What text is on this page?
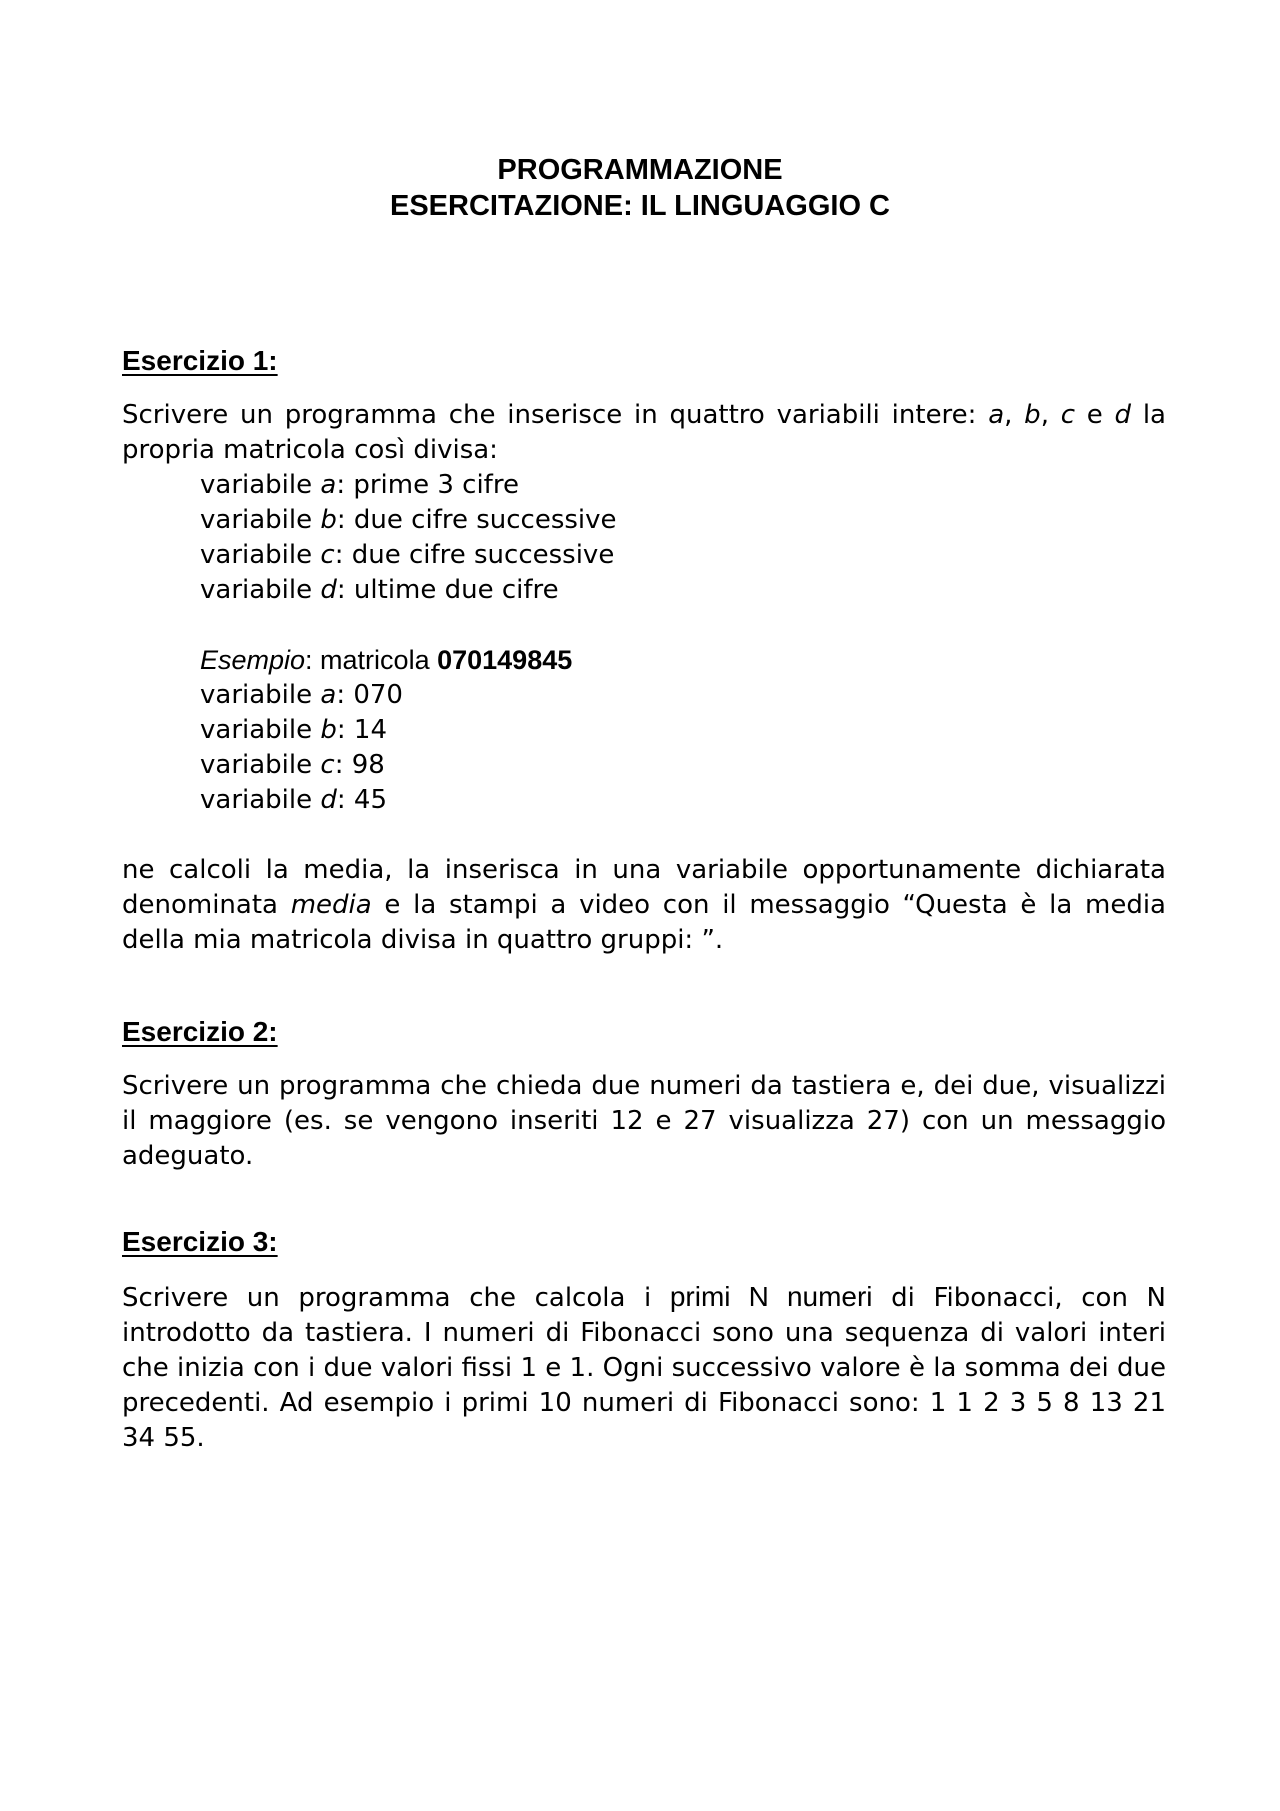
PROGRAMMAZIONE
ESERCITAZIONE: IL LINGUAGGIO C
Esercizio 1:

Scrivere un programma che inserisce in quattro variabili intere: a, b, c e d la propria matricola così divisa:

variabile a: prime 3 cifre
variabile b: due cifre successive
variabile c: due cifre successive
variabile d: ultime due cifre
Esempio: matricola 070149845
variabile a: 070
variabile b: 14
variabile c: 98
variabile d: 45

ne calcoli la media, la inserisca in una variabile opportunamente dichiarata denominata media e la stampi a video con il messaggio “Questa è la media della mia matricola divisa in quattro gruppi: ”.

Esercizio 2:

Scrivere un programma che chieda due numeri da tastiera e, dei due, visualizzi il maggiore (es. se vengono inseriti 12 e 27 visualizza 27) con un messaggio adeguato.

Esercizio 3:

Scrivere un programma che calcola i primi N numeri di Fibonacci, con N introdotto da tastiera. I numeri di Fibonacci sono una sequenza di valori interi che inizia con i due valori fissi 1 e 1. Ogni successivo valore è la somma dei due precedenti. Ad esempio i primi 10 numeri di Fibonacci sono: 1 1 2 3 5 8 13 21 34 55.
